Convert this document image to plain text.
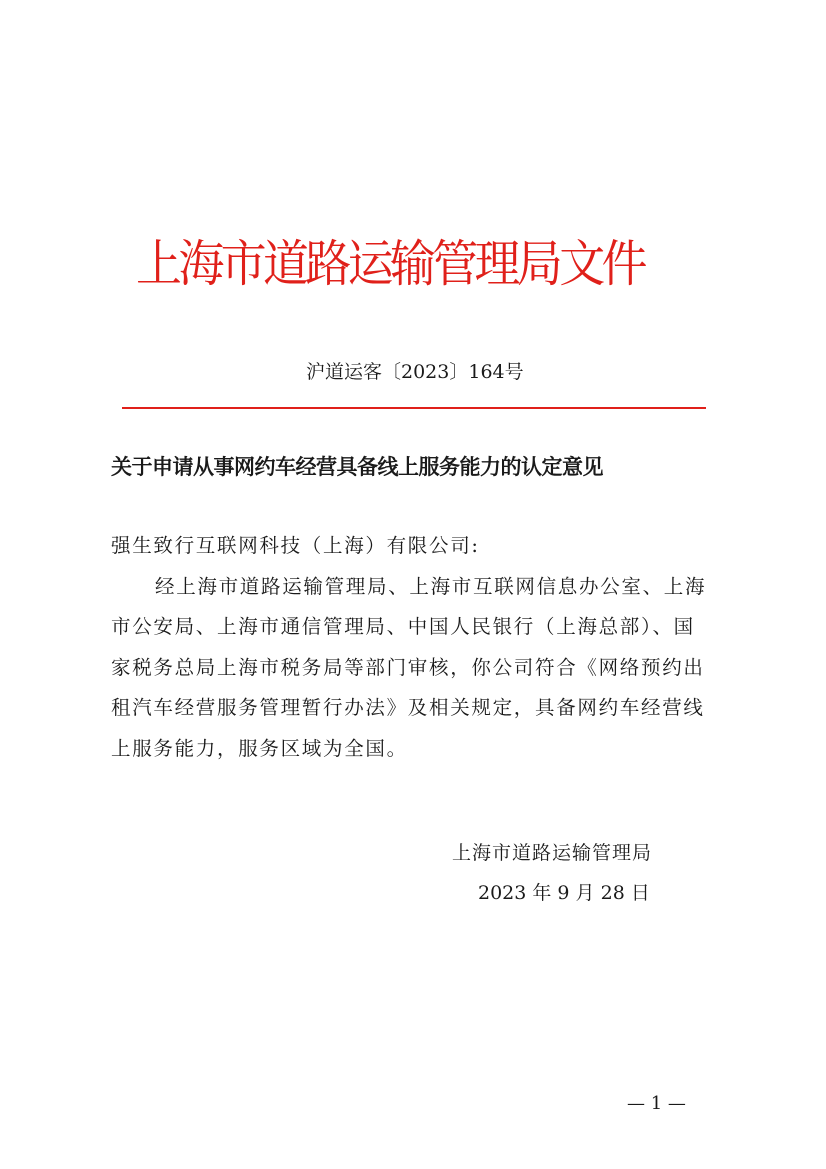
上海市道路运输管理局文件
沪道运客〔2023〕164号
关于申请从事网约车经营具备线上服务能力的认定意见

强生致行互联网科技（上海）有限公司:

经上海市道路运输管理局、上海市互联网信息办公室、上海

市公安局、上海市通信管理局、中国人民银行（上海总部）、国

家税务总局上海市税务局等部门审核，你公司符合《网络预约出

租汽车经营服务管理暂行办法》及相关规定，具备网约车经营线

上服务能力，服务区域为全国。

上海市道路运输管理局
2023 年 9 月 28 日
— 1 —
